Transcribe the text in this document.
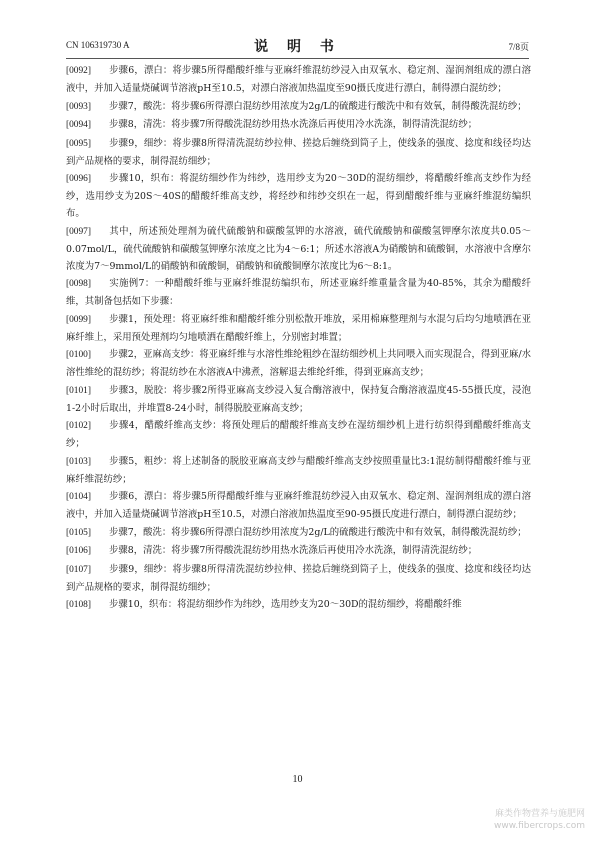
CN 106319730 A	说 明 书	7/8页
[0092] 步骤6，漂白：将步骤5所得醋酸纤维与亚麻纤维混纺纱浸入由双氧水、稳定剂、湿润剂组成的漂白溶液中，并加入适量烧碱调节溶液pH至10.5，对漂白溶液加热温度至90摄氏度进行漂白，制得漂白混纺纱；
[0093] 步骤7，酸洗：将步骤6所得漂白混纺纱用浓度为2g/L的硫酸进行酸洗中和有效氧，制得酸洗混纺纱；
[0094] 步骤8，清洗：将步骤7所得酸洗混纺纱用热水洗涤后再使用冷水洗涤，制得清洗混纺纱；
[0095] 步骤9，细纱：将步骤8所得清洗混纺纱拉伸、搓捻后缠绕到筒子上，使线条的强度、捻度和线径均达到产品规格的要求，制得混纺细纱；
[0096] 步骤10，织布：将混纺细纱作为纬纱，选用纱支为20～30D的混纺细纱，将醋酸纤维高支纱作为经纱，选用纱支为20S～40S的醋酸纤维高支纱，将经纱和纬纱交织在一起，得到醋酸纤维与亚麻纤维混纺编织布。
[0097] 其中，所述预处理剂为硫代硫酸钠和碳酸氢钾的水溶液，硫代硫酸钠和碳酸氢钾摩尔浓度共0.05～0.07mol/L，硫代硫酸钠和碳酸氢钾摩尔浓度之比为4～6:1；所述水溶液A为硝酸钠和硫酸铜，水溶液中含摩尔浓度为7～9mmol/L的硝酸钠和硫酸铜，硝酸钠和硫酸铜摩尔浓度比为6～8:1。
[0098] 实施例7：一种醋酸纤维与亚麻纤维混纺编织布，所述亚麻纤维重量含量为40-85%，其余为醋酸纤维，其制备包括如下步骤：
[0099] 步骤1，预处理：将亚麻纤维和醋酸纤维分别松散开堆放，采用棉麻整理剂与水混匀后均匀地喷洒在亚麻纤维上，采用预处理剂均匀地喷洒在醋酸纤维上，分别密封堆置；
[0100] 步骤2，亚麻高支纱：将亚麻纤维与水溶性维纶粗纱在湿纺细纱机上共同喂入而实现混合，得到亚麻/水溶性维纶的混纺纱；将混纺纱在水溶液A中沸煮，溶解退去维纶纤维，得到亚麻高支纱；
[0101] 步骤3，脱胶：将步骤2所得亚麻高支纱浸入复合酶溶液中，保持复合酶溶液温度45-55摄氏度，浸泡1-2小时后取出，并堆置8-24小时，制得脱胶亚麻高支纱；
[0102] 步骤4，醋酸纤维高支纱：将预处理后的醋酸纤维高支纱在湿纺细纱机上进行纺织得到醋酸纤维高支纱；
[0103] 步骤5，粗纱：将上述制备的脱胶亚麻高支纱与醋酸纤维高支纱按照重量比3:1混纺制得醋酸纤维与亚麻纤维混纺纱；
[0104] 步骤6，漂白：将步骤5所得醋酸纤维与亚麻纤维混纺纱浸入由双氧水、稳定剂、湿润剂组成的漂白溶液中，并加入适量烧碱调节溶液pH至10.5，对漂白溶液加热温度至90-95摄氏度进行漂白，制得漂白混纺纱；
[0105] 步骤7，酸洗：将步骤6所得漂白混纺纱用浓度为2g/L的硫酸进行酸洗中和有效氧，制得酸洗混纺纱；
[0106] 步骤8，清洗：将步骤7所得酸洗混纺纱用热水洗涤后再使用冷水洗涤，制得清洗混纺纱；
[0107] 步骤9，细纱：将步骤8所得清洗混纺纱拉伸、搓捻后缠绕到筒子上，使线条的强度、捻度和线径均达到产品规格的要求，制得混纺细纱；
[0108] 步骤10，织布：将混纺细纱作为纬纱，选用纱支为20～30D的混纺细纱，将醋酸纤维
10
麻类作物营养与施肥网
www.fibercrops.com
